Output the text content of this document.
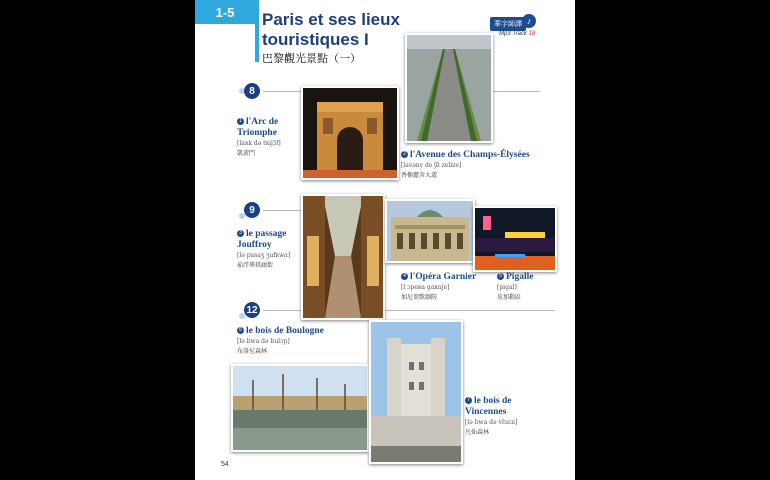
1-5	Paris et ses lieux touristiques I
巴黎觀光景點（一）
華字師譯 ♪
Mp3 Track 18
8
9
12
1 l'Arc de Triomphe
[laʀk də tʀijɔ̃f]
凱旋門	2 l'Avenue des Champs-Élysées
[lavəny de ʃɑ̃ zelize]
香榭麗舍大道
3 le passage Jouffroy
[lə pasaʒ ʒufʀwa]
茹浮華拱廊街
4 l'Opéra Garnier
[l ɔpeʀa gaʀnje]
加尼葉歌劇院
5 Pigalle
[pigal]
皮加勒區
6 le bois de Boulogne
[lə bwa də bulɔɲ]
布洛尼森林
7 le bois de Vincennes
[lə bwa də vɛ̃sɛn]
凡仙森林
54
